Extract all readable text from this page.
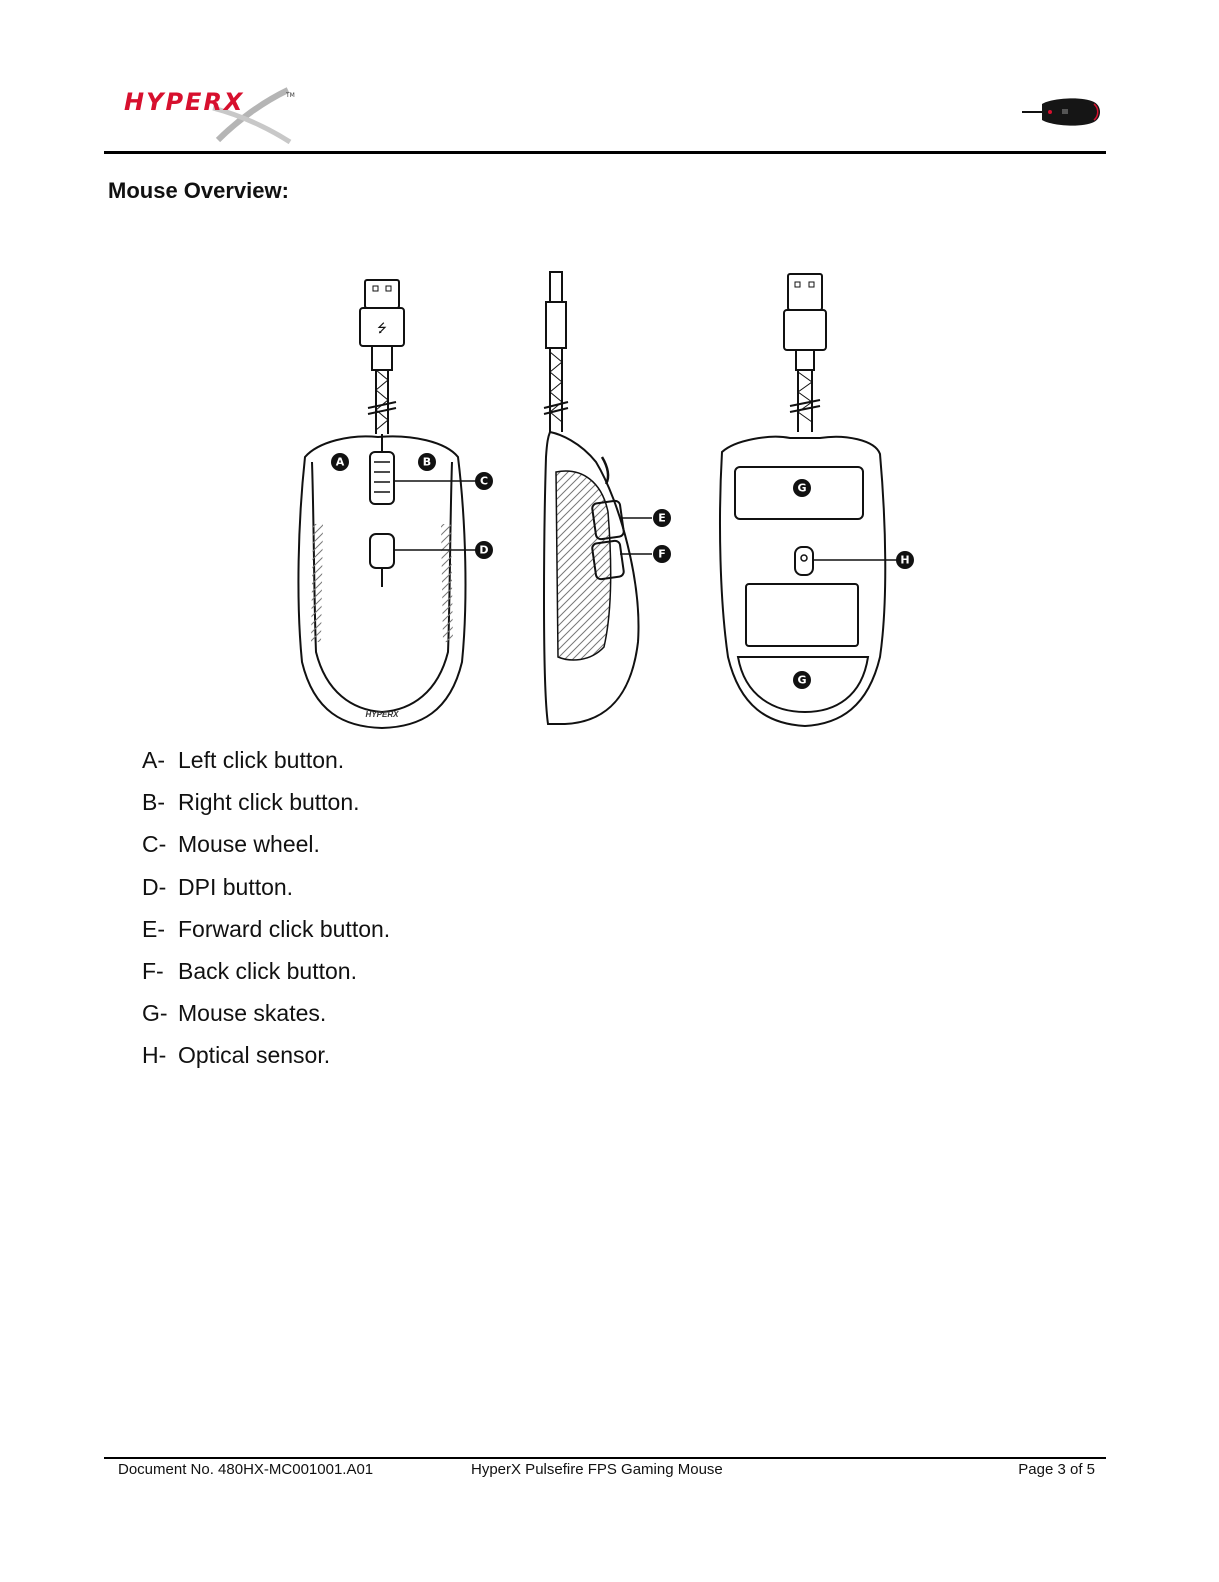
HYPERX	TM
Mouse Overview:
⭍
HYPERX
A	B
C
D
E
F
G
G
H
A- Left click button.
B- Right click button.
C- Mouse wheel.
D- DPI button.
E- Forward click button.
F- Back click button.
G- Mouse skates.
H- Optical sensor.
Document No. 480HX-MC001001.A01	HyperX Pulsefire FPS Gaming Mouse	Page 3 of 5
